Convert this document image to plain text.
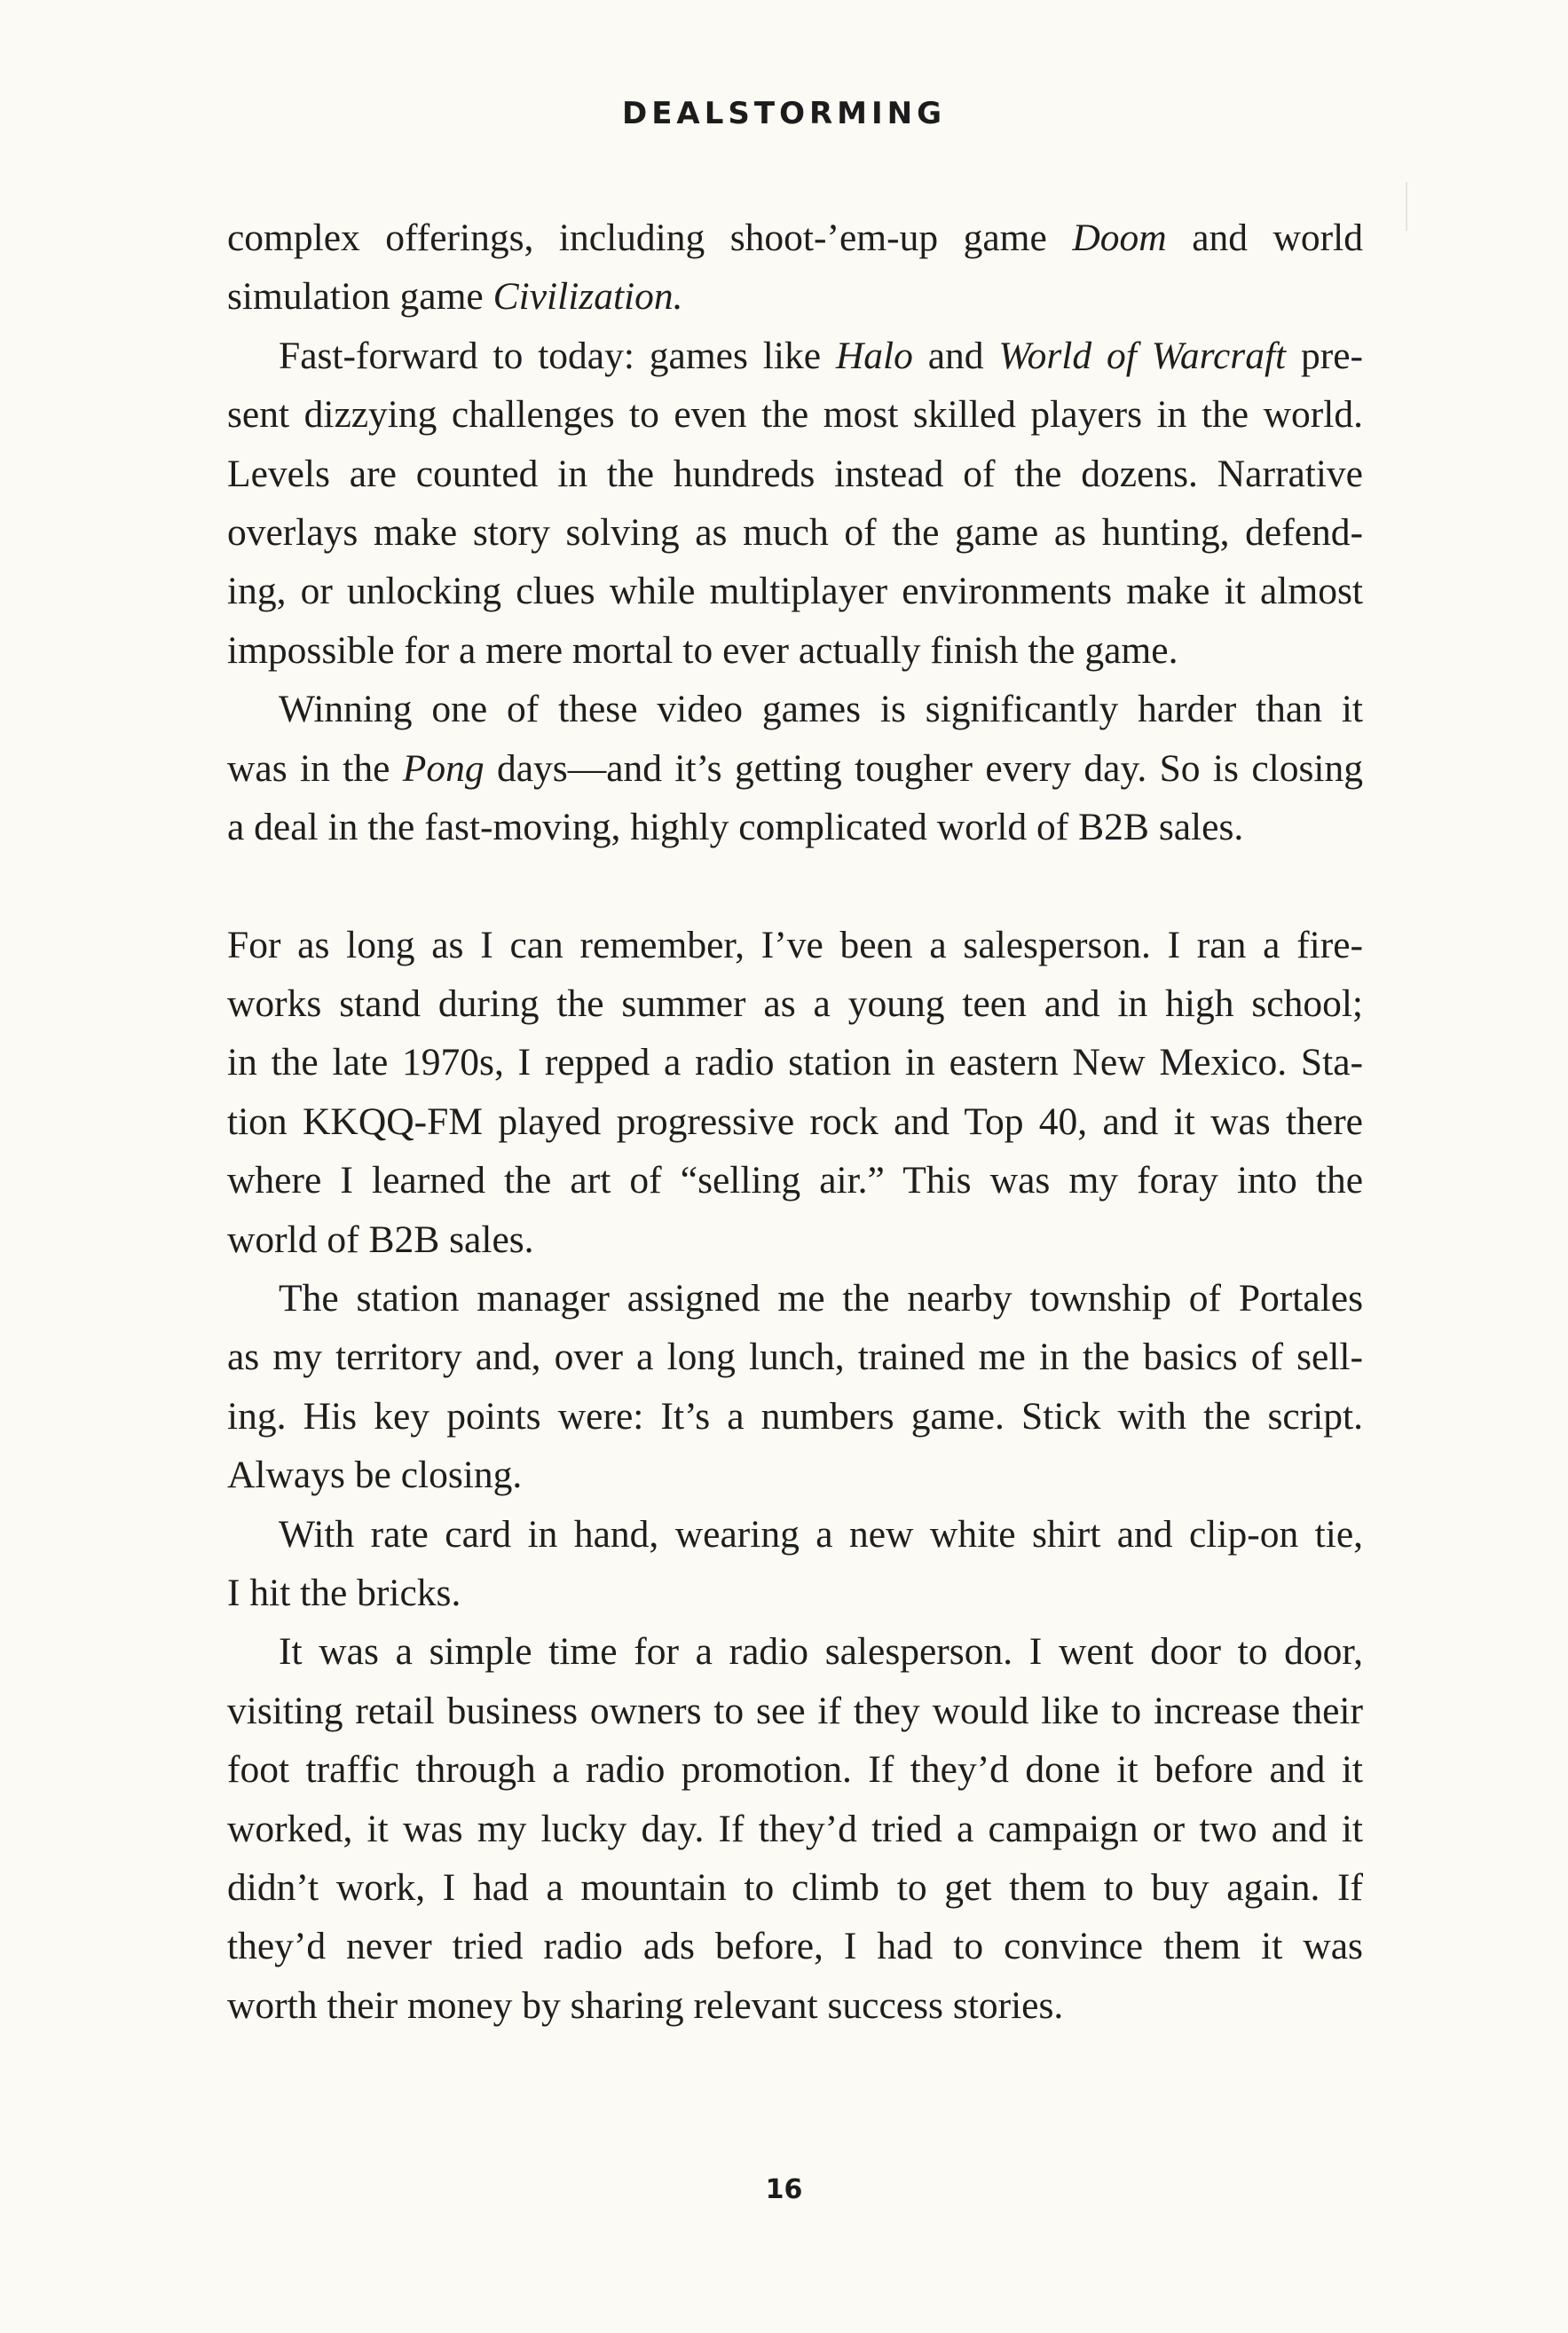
DEALSTORMING
complex offerings, including shoot-’em-up game Doom and world
simulation game Civilization.
Fast-forward to today: games like Halo and World of Warcraft pre-
sent dizzying challenges to even the most skilled players in the world.
Levels are counted in the hundreds instead of the dozens. Narrative
overlays make story solving as much of the game as hunting, defend-
ing, or unlocking clues while multiplayer environments make it almost
impossible for a mere mortal to ever actually finish the game.
Winning one of these video games is significantly harder than it
was in the Pong days—and it’s getting tougher every day. So is closing
a deal in the fast-moving, highly complicated world of B2B sales.
For as long as I can remember, I’ve been a salesperson. I ran a fire-
works stand during the summer as a young teen and in high school;
in the late 1970s, I repped a radio station in eastern New Mexico. Sta-
tion KKQQ-FM played progressive rock and Top 40, and it was there
where I learned the art of “selling air.” This was my foray into the
world of B2B sales.
The station manager assigned me the nearby township of Portales
as my territory and, over a long lunch, trained me in the basics of sell-
ing. His key points were: It’s a numbers game. Stick with the script.
Always be closing.
With rate card in hand, wearing a new white shirt and clip-on tie,
I hit the bricks.
It was a simple time for a radio salesperson. I went door to door,
visiting retail business owners to see if they would like to increase their
foot traffic through a radio promotion. If they’d done it before and it
worked, it was my lucky day. If they’d tried a campaign or two and it
didn’t work, I had a mountain to climb to get them to buy again. If
they’d never tried radio ads before, I had to convince them it was
worth their money by sharing relevant success stories.
16
